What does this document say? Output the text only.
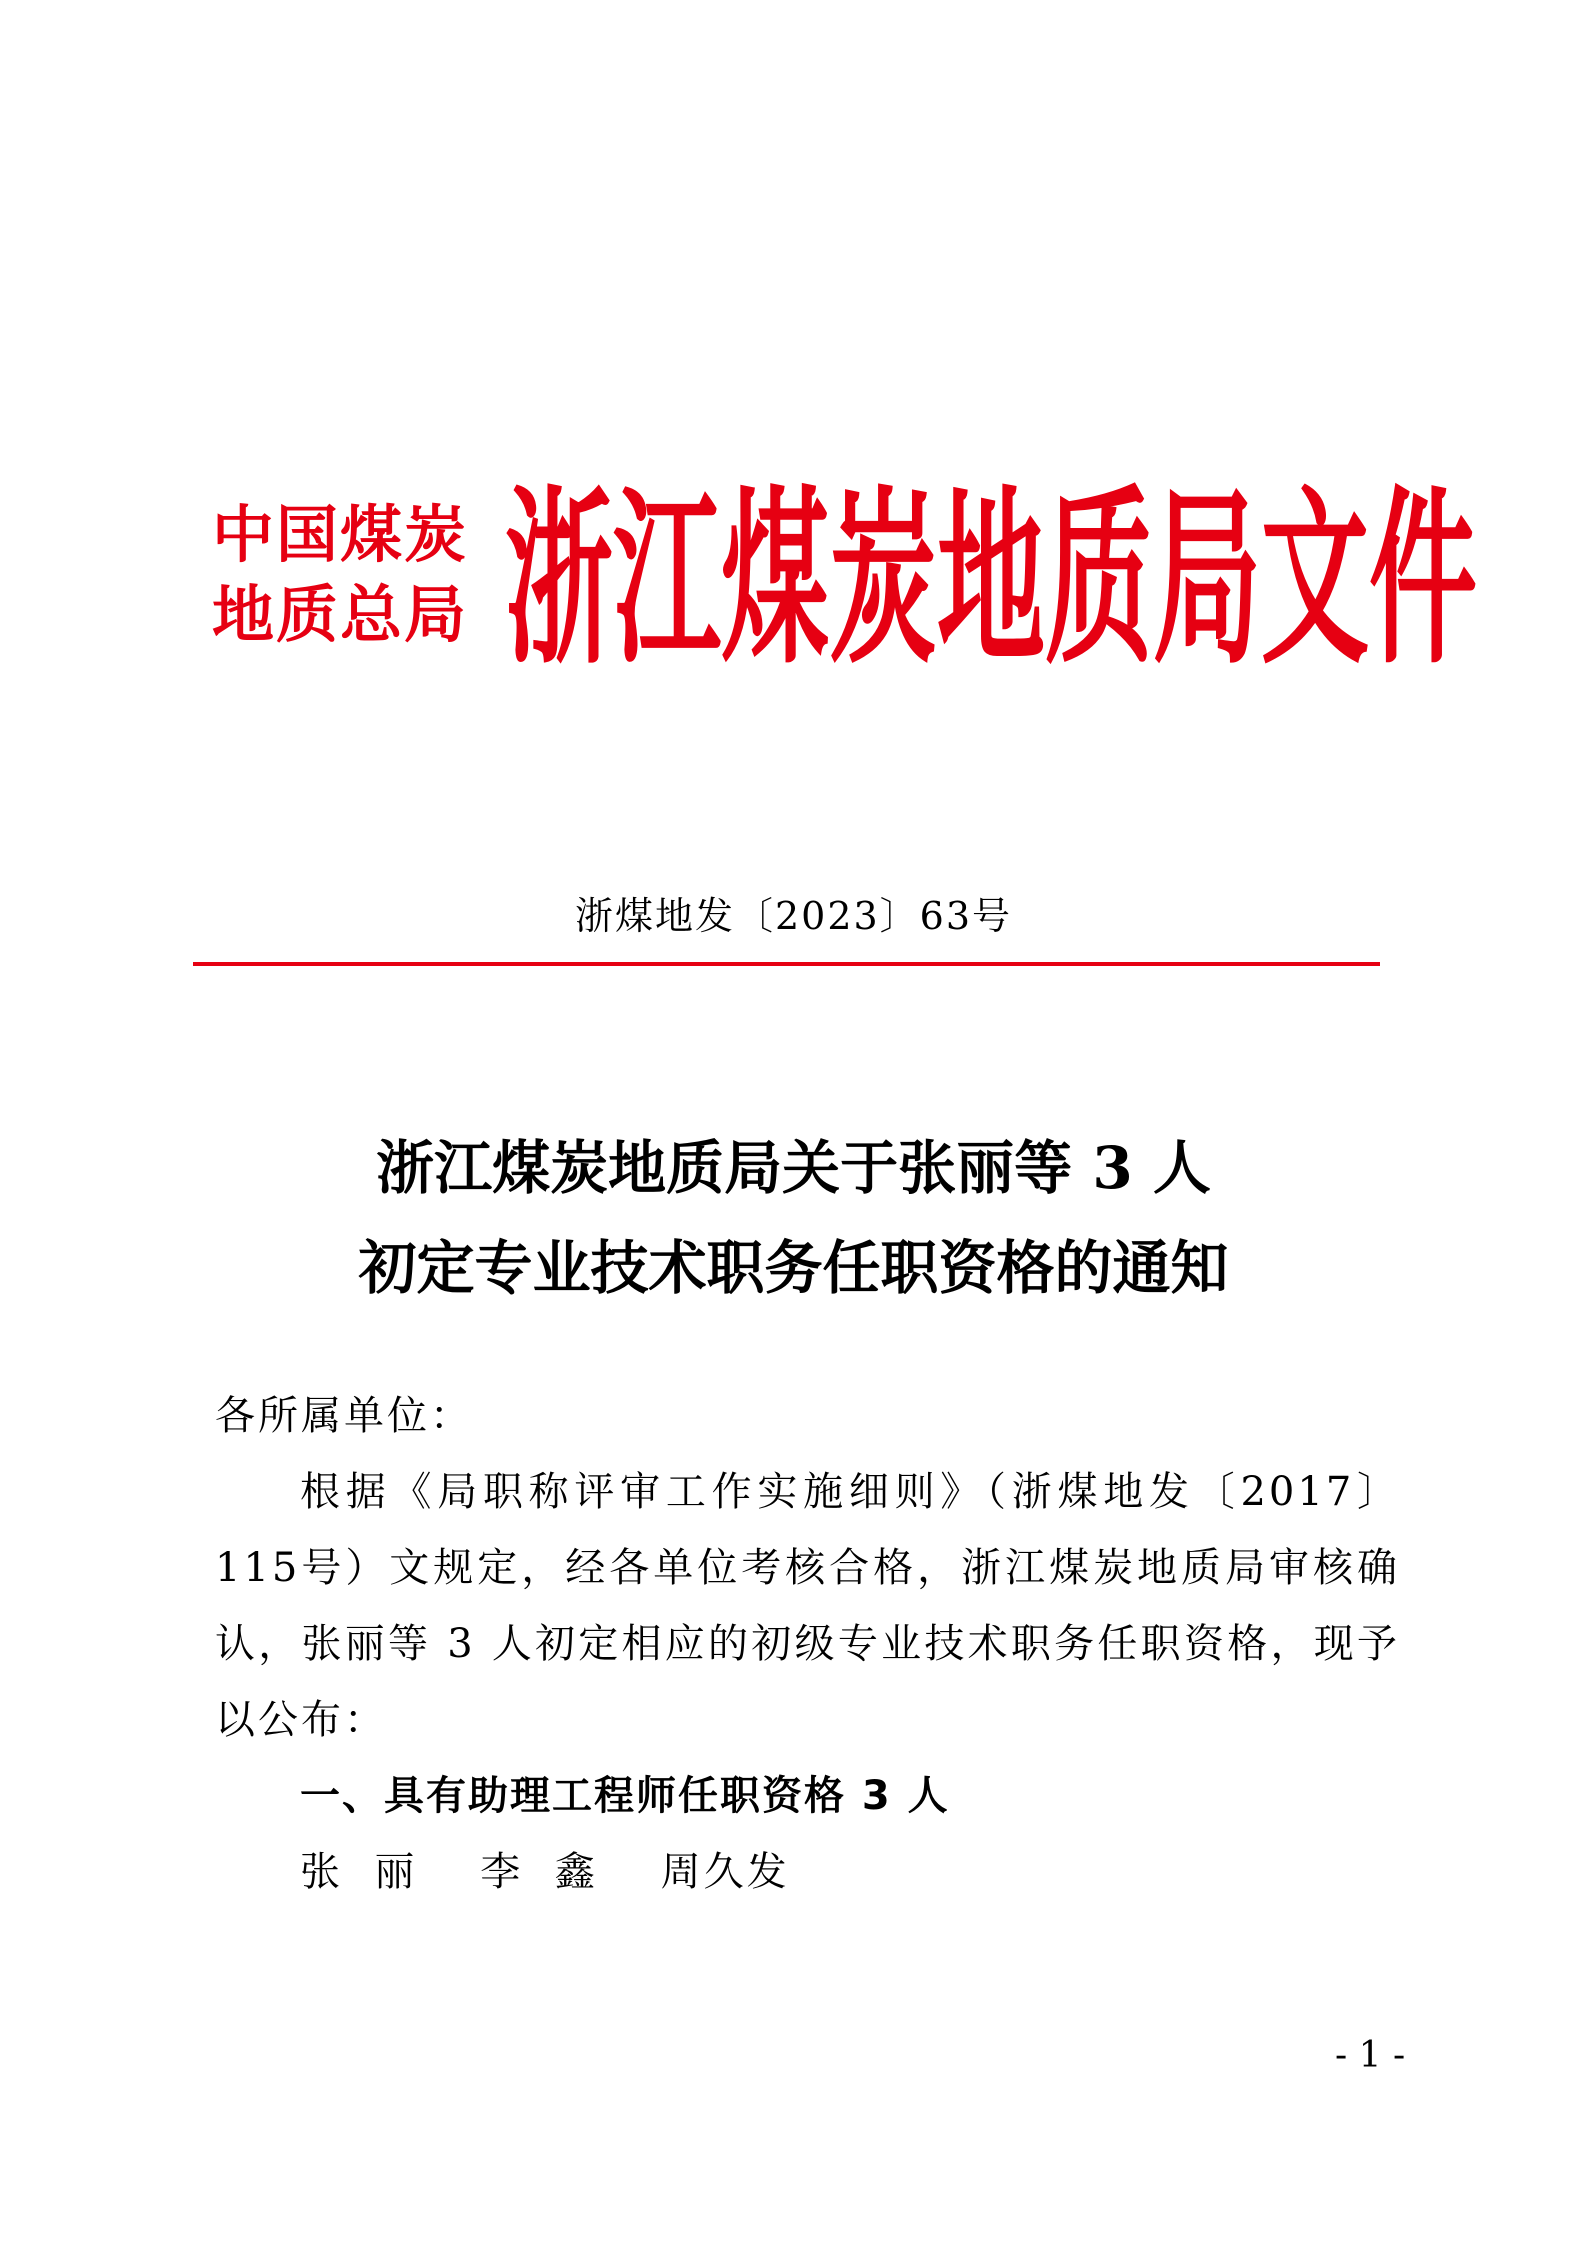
中国煤炭
地质总局 浙江煤炭地质局文件
浙煤地发〔2023〕63号
浙江煤炭地质局关于张丽等 3 人
初定专业技术职务任职资格的通知
各所属单位：
根据《局职称评审工作实施细则》（浙煤地发〔2017〕115号）文规定，经各单位考核合格，浙江煤炭地质局审核确认，张丽等 3 人初定相应的初级专业技术职务任职资格，现予以公布：
一、具有助理工程师任职资格 3 人
张  丽    李  鑫    周久发
- 1 -
